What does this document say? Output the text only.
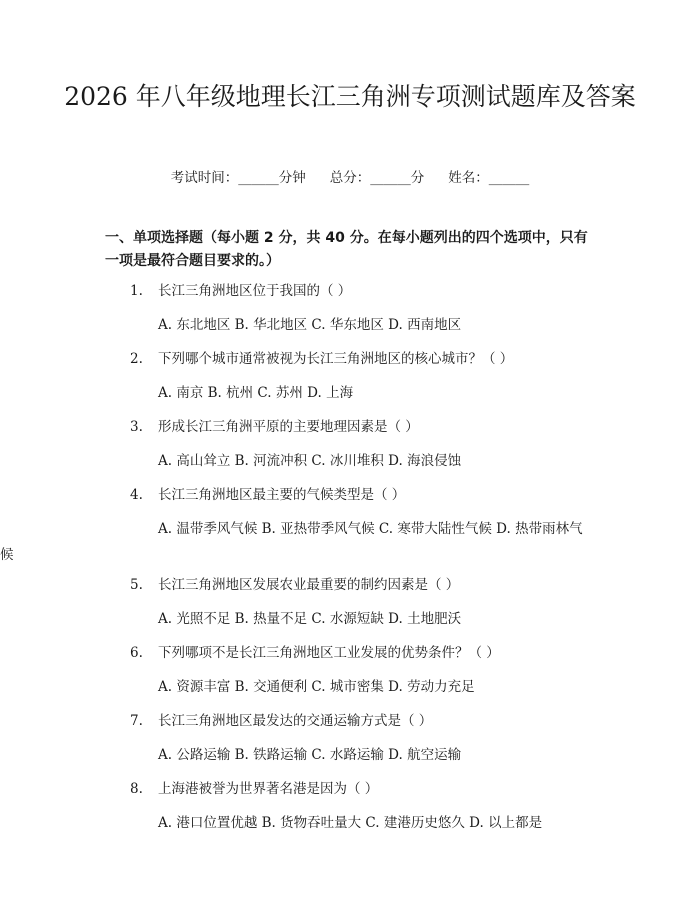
2026 年八年级地理长江三角洲专项测试题库及答案
考试时间：______分钟 总分：______分 姓名：______
一、单项选择题（每小题 2 分，共 40 分。在每小题列出的四个选项中，只有一项是最符合题目要求的。）
1.	长江三角洲地区位于我国的（ ）
A. 东北地区 B. 华北地区 C. 华东地区 D. 西南地区
2.	下列哪个城市通常被视为长江三角洲地区的核心城市？（ ）
A. 南京 B. 杭州 C. 苏州 D. 上海
3.	形成长江三角洲平原的主要地理因素是（ ）
A. 高山耸立 B. 河流冲积 C. 冰川堆积 D. 海浪侵蚀
4.	长江三角洲地区最主要的气候类型是（ ）
A. 温带季风气候 B. 亚热带季风气候 C. 寒带大陆性气候 D. 热带雨林气候
5.	长江三角洲地区发展农业最重要的制约因素是（ ）
A. 光照不足 B. 热量不足 C. 水源短缺 D. 土地肥沃
6.	下列哪项不是长江三角洲地区工业发展的优势条件？（ ）
A. 资源丰富 B. 交通便利 C. 城市密集 D. 劳动力充足
7.	长江三角洲地区最发达的交通运输方式是（ ）
A. 公路运输 B. 铁路运输 C. 水路运输 D. 航空运输
8.	上海港被誉为世界著名港是因为（ ）
A. 港口位置优越 B. 货物吞吐量大 C. 建港历史悠久 D. 以上都是
